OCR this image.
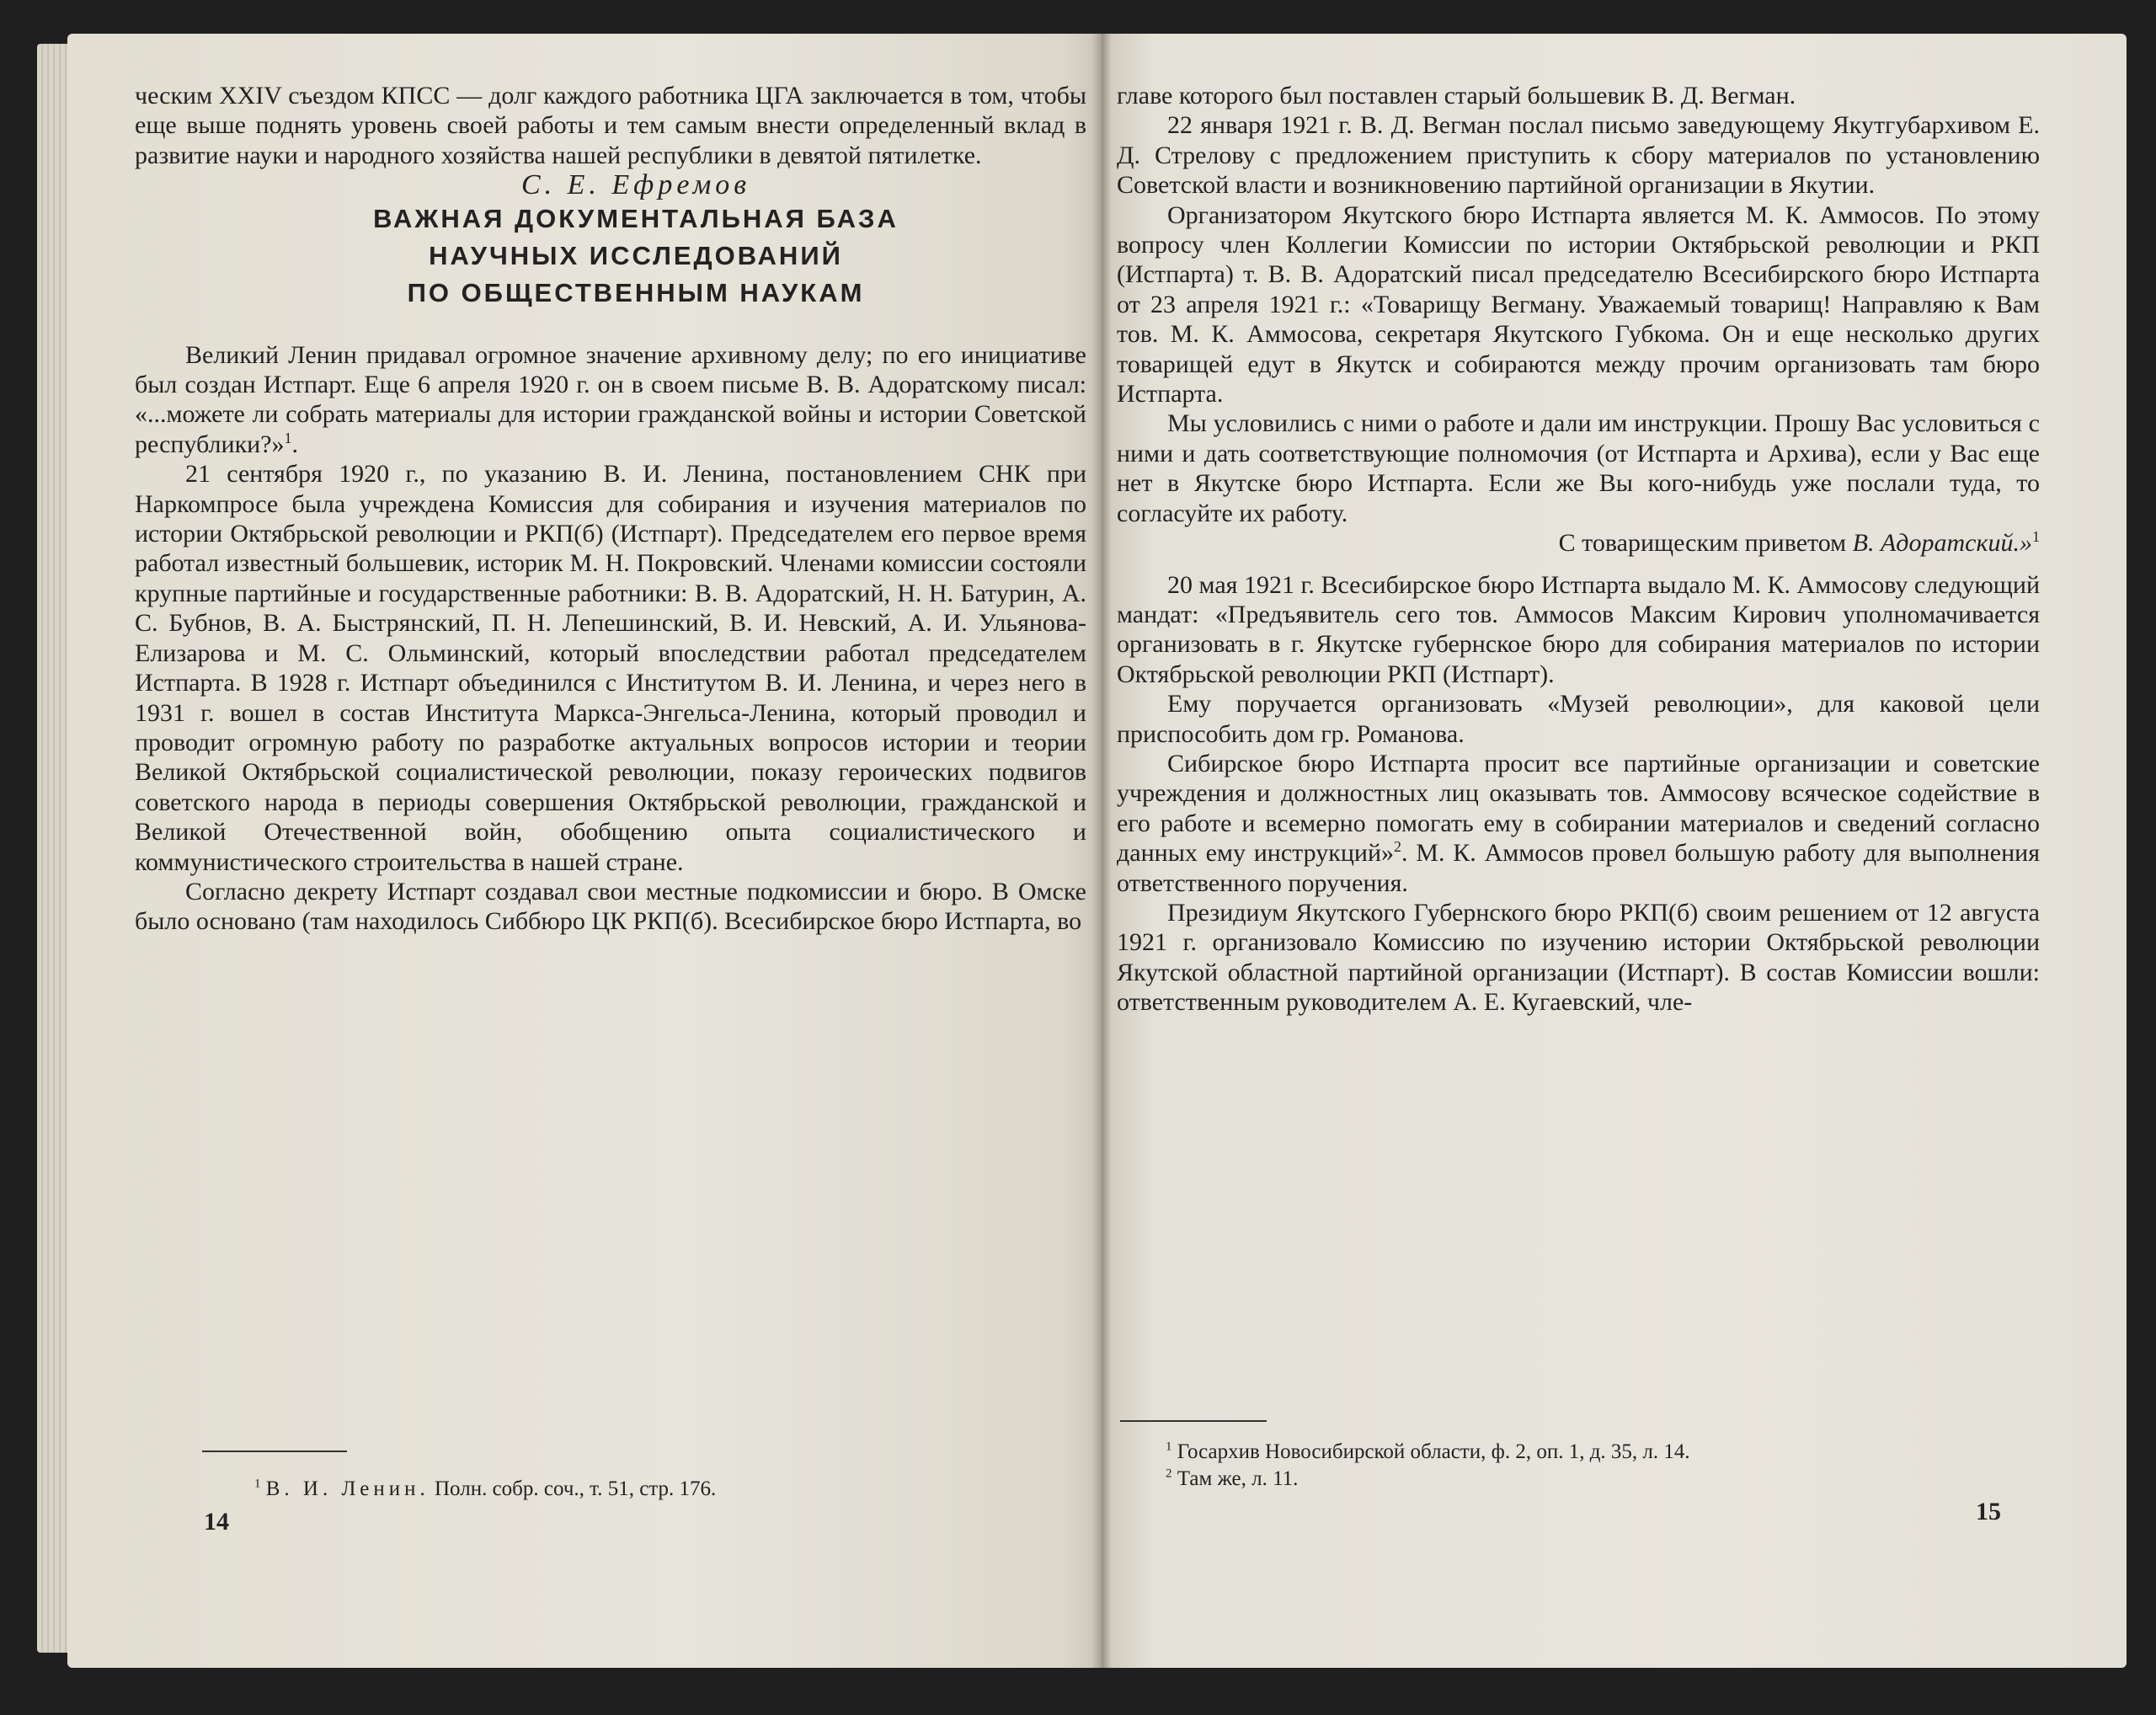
ческим XXIV съездом КПСС — долг каждого работника ЦГА заключается в том, чтобы еще выше поднять уровень своей работы и тем самым внести определенный вклад в развитие науки и народного хозяйства нашей республики в девятой пятилетке.

С. Е. Ефремов

ВАЖНАЯ ДОКУМЕНТАЛЬНАЯ БАЗА

НАУЧНЫХ ИССЛЕДОВАНИЙ

ПО ОБЩЕСТВЕННЫМ НАУКАМ

Великий Ленин придавал огромное значение архивному делу; по его инициативе был создан Истпарт. Еще 6 апреля 1920 г. он в своем письме В. В. Адоратскому писал: «...можете ли собрать материалы для истории гражданской войны и истории Советской республики?»$^1$.

21 сентября 1920 г., по указанию В. И. Ленина, постановлением СНК при Наркомпросе была учреждена Комиссия для собирания и изучения материалов по истории Октябрьской революции и РКП(б) (Истпарт). Председателем его первое время работал известный большевик, историк М. Н. Покровский. Членами комиссии состояли крупные партийные и государственные работники: В. В. Адоратский, Н. Н. Батурин, А. С. Бубнов, В. А. Быстрянский, П. Н. Лепешинский, В. И. Невский, А. И. Ульянова-Елизарова и М. С. Ольминский, который впоследствии работал председателем Истпарта. В 1928 г. Истпарт объединился с Институтом В. И. Ленина, и через него в 1931 г. вошел в состав Института Маркса-Энгельса-Ленина, который проводил и проводит огромную работу по разработке актуальных вопросов истории и теории Великой Октябрьской социалистической революции, показу героических подвигов советского народа в периоды совершения Октябрьской революции, гражданской и Великой Отечественной войн, обобщению опыта социалистического и коммунистического строительства в нашей стране.

Согласно декрету Истпарт создавал свои местные подкомиссии и бюро. В Омске было основано (там находилось Сиббюро ЦК РКП(б). Всесибирское бюро Истпарта, во

$^1$ В. И. Ленин. Полн. собр. соч., т. 51, стр. 176.
14

главе которого был поставлен старый большевик В. Д. Вегман.

22 января 1921 г. В. Д. Вегман послал письмо заведующему Якутгубархивом Е. Д. Стрелову с предложением приступить к сбору материалов по установлению Советской власти и возникновению партийной организации в Якутии.

Организатором Якутского бюро Истпарта является М. К. Аммосов. По этому вопросу член Коллегии Комиссии по истории Октябрьской революции и РКП (Истпарта) т. В. В. Адоратский писал председателю Всесибирского бюро Истпарта от 23 апреля 1921 г.: «Товарищу Вегману. Уважаемый товарищ! Направляю к Вам тов. М. К. Аммосова, секретаря Якутского Губкома. Он и еще несколько других товарищей едут в Якутск и собираются между прочим организовать там бюро Истпарта.

Мы условились с ними о работе и дали им инструкции. Прошу Вас условиться с ними и дать соответствующие полномочия (от Истпарта и Архива), если у Вас еще нет в Якутске бюро Истпарта. Если же Вы кого-нибудь уже послали туда, то согласуйте их работу.

С товарищеским приветом В. Адоратский.»$^1$

20 мая 1921 г. Всесибирское бюро Истпарта выдало М. К. Аммосову следующий мандат: «Предъявитель сего тов. Аммосов Максим Кирович уполномачивается организовать в г. Якутске губернское бюро для собирания материалов по истории Октябрьской революции РКП (Истпарт).

Ему поручается организовать «Музей революции», для каковой цели приспособить дом гр. Романова.

Сибирское бюро Истпарта просит все партийные организации и советские учреждения и должностных лиц оказывать тов. Аммосову всяческое содействие в его работе и всемерно помогать ему в собирании материалов и сведений согласно данных ему инструкций»$^2$. М. К. Аммосов провел большую работу для выполнения ответственного поручения.

Президиум Якутского Губернского бюро РКП(б) своим решением от 12 августа 1921 г. организовало Комиссию по изучению истории Октябрьской революции Якутской областной партийной организации (Истпарт). В состав Комиссии вошли: ответственным руководителем А. Е. Кугаевский, чле-

$^1$ Госархив Новосибирской области, ф. 2, оп. 1, д. 35, л. 14.
$^2$ Там же, л. 11.
15
